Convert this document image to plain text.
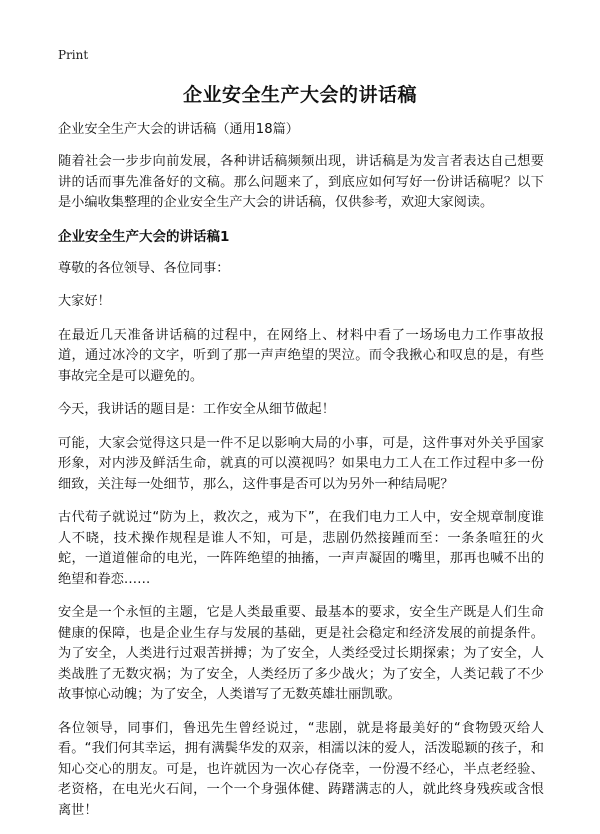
Print
企业安全生产大会的讲话稿
企业安全生产大会的讲话稿（通用18篇）
随着社会一步步向前发展，各种讲话稿频频出现，讲话稿是为发言者表达自己想要讲的话而事先准备好的文稿。那么问题来了，到底应如何写好一份讲话稿呢？以下是小编收集整理的企业安全生产大会的讲话稿，仅供参考，欢迎大家阅读。
企业安全生产大会的讲话稿1
尊敬的各位领导、各位同事：
大家好！
在最近几天准备讲话稿的过程中，在网络上、材料中看了一场场电力工作事故报道，通过冰冷的文字，听到了那一声声绝望的哭泣。而令我揪心和叹息的是，有些事故完全是可以避免的。
今天，我讲话的题目是：工作安全从细节做起！
可能，大家会觉得这只是一件不足以影响大局的小事，可是，这件事对外关乎国家形象，对内涉及鲜活生命，就真的可以漠视吗？如果电力工人在工作过程中多一份细致，关注每一处细节，那么，这件事是否可以为另外一种结局呢？
古代荀子就说过“防为上，救次之，戒为下”，在我们电力工人中，安全规章制度谁人不晓，技术操作规程是谁人不知，可是，悲剧仍然接踵而至：一条条喧狂的火蛇，一道道催命的电光，一阵阵绝望的抽搐，一声声凝固的嘴里，那再也喊不出的绝望和眷恋……
安全是一个永恒的主题，它是人类最重要、最基本的要求，安全生产既是人们生命健康的保障，也是企业生存与发展的基础，更是社会稳定和经济发展的前提条件。为了安全，人类进行过艰苦拼搏；为了安全，人类经受过长期探索；为了安全，人类战胜了无数灾祸；为了安全，人类经历了多少战火；为了安全，人类记载了不少故事惊心动魄；为了安全，人类谱写了无数英雄壮丽凯歌。
各位领导，同事们，鲁迅先生曾经说过，“悲剧，就是将最美好的“食物毁灭给人看。“我们何其幸运，拥有满鬓华发的双亲，相濡以沫的爱人，活泼聪颖的孩子，和知心交心的朋友。可是，也许就因为一次心存侥幸，一份漫不经心，半点老经验、老资格，在电光火石间，一个一个身强体健、踌躇满志的人，就此终身残疾或含恨离世！
